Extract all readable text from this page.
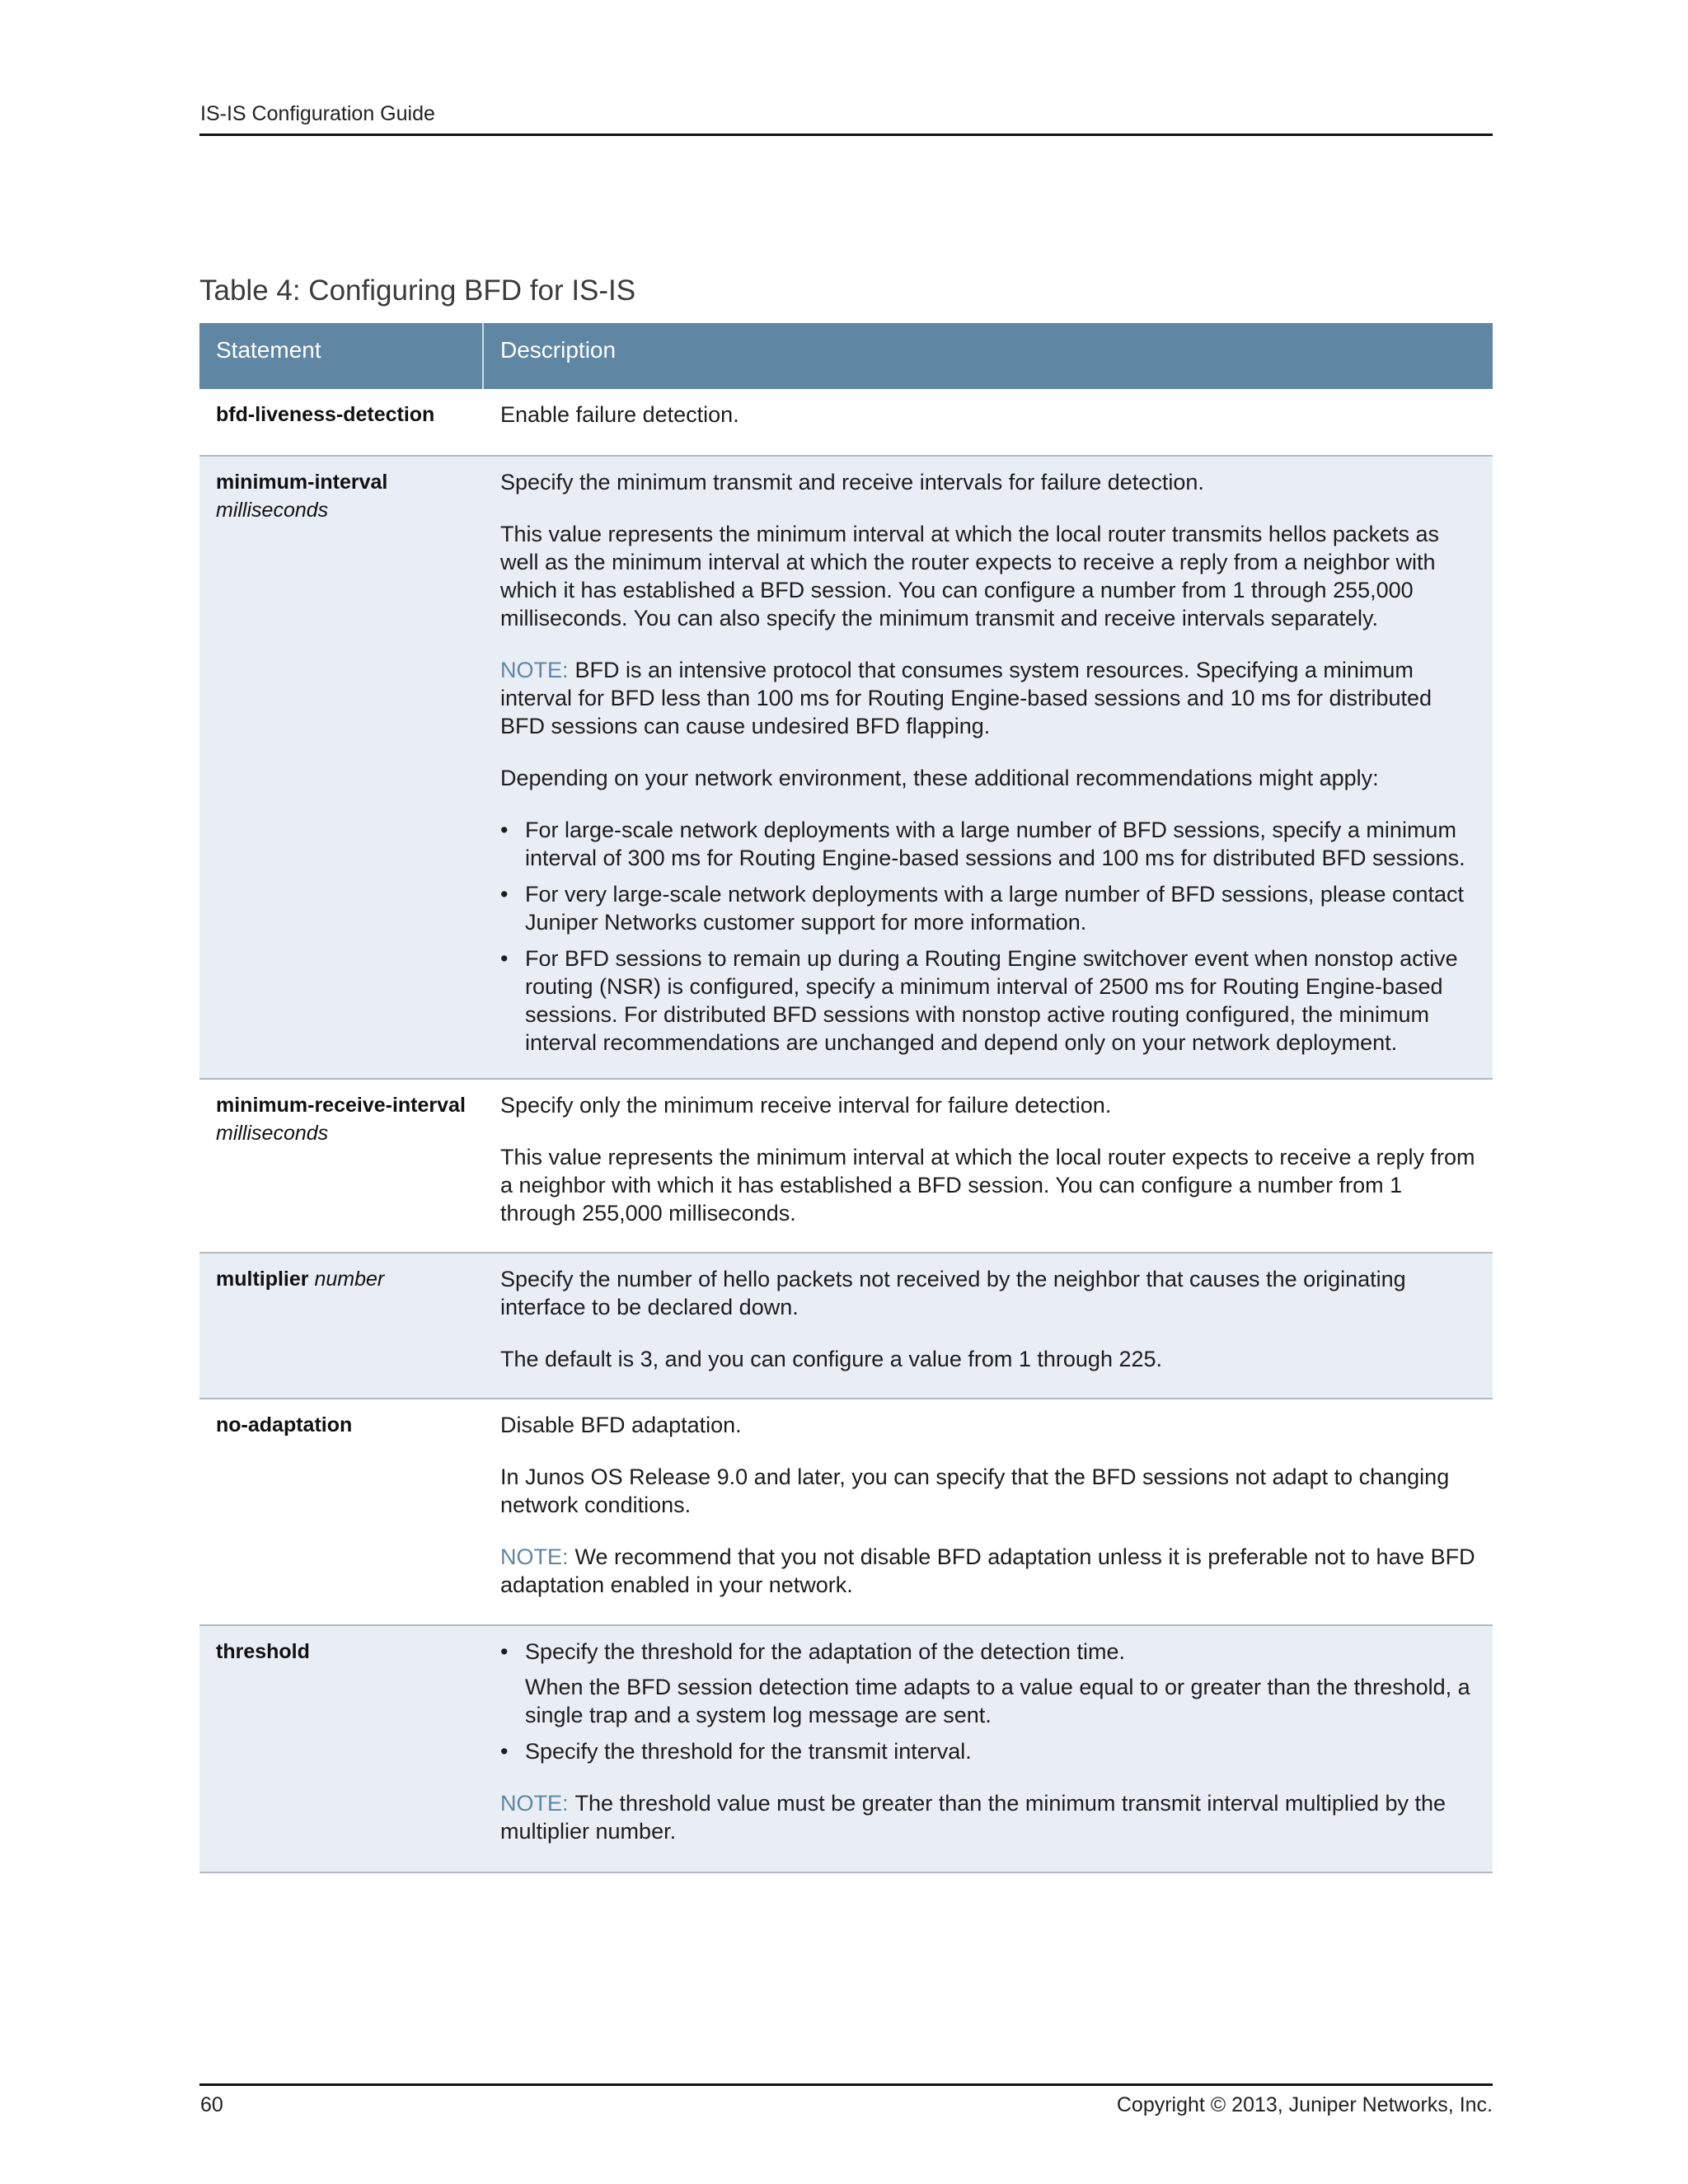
IS-IS Configuration Guide
Table 4: Configuring BFD for IS-IS
Statement	Description
bfd-liveness-detection	Enable failure detection.

minimum-interval
milliseconds

Specify the minimum transmit and receive intervals for failure detection.

This value represents the minimum interval at which the local router transmits hellos packets as well as the minimum interval at which the router expects to receive a reply from a neighbor with which it has established a BFD session. You can configure a number from 1 through 255,000 milliseconds. You can also specify the minimum transmit and receive intervals separately.

NOTE: BFD is an intensive protocol that consumes system resources. Specifying a minimum interval for BFD less than 100 ms for Routing Engine-based sessions and 10 ms for distributed BFD sessions can cause undesired BFD flapping.

Depending on your network environment, these additional recommendations might apply:

• For large-scale network deployments with a large number of BFD sessions, specify a minimum interval of 300 ms for Routing Engine-based sessions and 100 ms for distributed BFD sessions.
• For very large-scale network deployments with a large number of BFD sessions, please contact Juniper Networks customer support for more information.
• For BFD sessions to remain up during a Routing Engine switchover event when nonstop active routing (NSR) is configured, specify a minimum interval of 2500 ms for Routing Engine-based sessions. For distributed BFD sessions with nonstop active routing configured, the minimum interval recommendations are unchanged and depend only on your network deployment.
minimum-receive-interval
milliseconds

Specify only the minimum receive interval for failure detection.

This value represents the minimum interval at which the local router expects to receive a reply from a neighbor with which it has established a BFD session. You can configure a number from 1 through 255,000 milliseconds.

multiplier number	Specify the number of hello packets not received by the neighbor that causes the originating interface to be declared down.

The default is 3, and you can configure a value from 1 through 225.

no-adaptation	Disable BFD adaptation.

In Junos OS Release 9.0 and later, you can specify that the BFD sessions not adapt to changing network conditions.

NOTE: We recommend that you not disable BFD adaptation unless it is preferable not to have BFD adaptation enabled in your network.

threshold
•	Specify the threshold for the adaptation of the detection time.
When the BFD session detection time adapts to a value equal to or greater than the threshold, a single trap and a system log message are sent.
• Specify the threshold for the transmit interval.

NOTE: The threshold value must be greater than the minimum transmit interval multiplied by the multiplier number.

60	Copyright © 2013, Juniper Networks, Inc.
